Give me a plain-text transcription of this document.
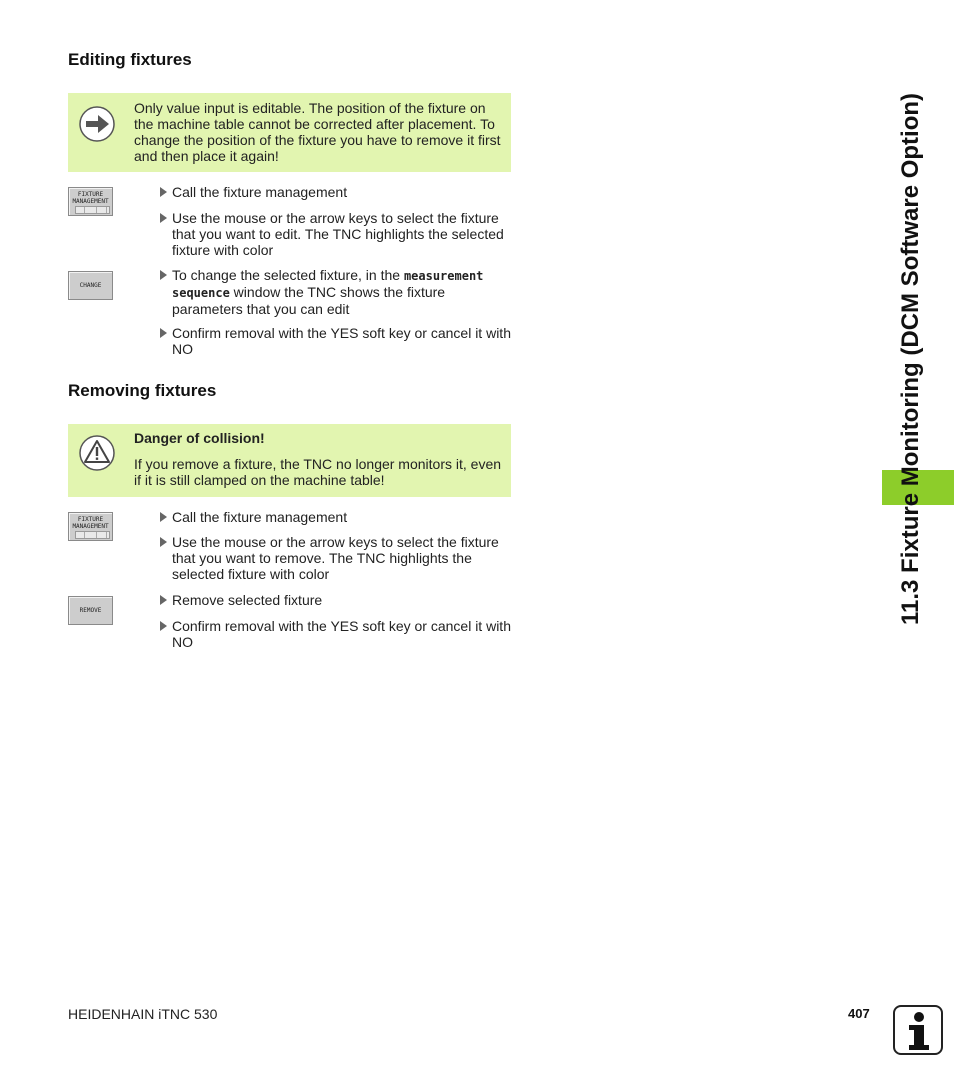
11.3 Fixture Monitoring (DCM Software Option)
Editing fixtures
Only value input is editable. The position of the fixture on the machine table cannot be corrected after placement. To change the position of the fixture you have to remove it first and then place it again!
FIXTURE
MANAGEMENT
Call the fixture management
Use the mouse or the arrow keys to select the fixture that you want to edit. The TNC highlights the selected fixture with color
CHANGE
To change the selected fixture, in the measurement sequence window the TNC shows the fixture parameters that you can edit
Confirm removal with the YES soft key or cancel it with NO
Removing fixtures
Danger of collision!
If you remove a fixture, the TNC no longer monitors it, even if it is still clamped on the machine table!
FIXTURE
MANAGEMENT
Call the fixture management
Use the mouse or the arrow keys to select the fixture that you want to remove. The TNC highlights the selected fixture with color
REMOVE
Remove selected fixture
Confirm removal with the YES soft key or cancel it with NO
HEIDENHAIN iTNC 530	407
